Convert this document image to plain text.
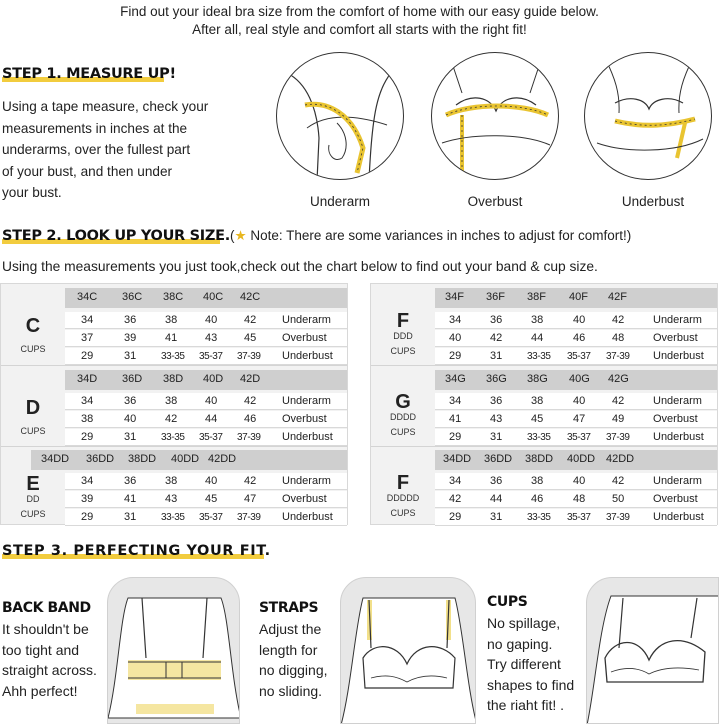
Find out your ideal bra size from the comfort of home with our easy guide below.
After all, real style and comfort all starts with the right fit!
STEP 1. MEASURE UP!
Using a tape measure, check your
measurements in inches at the
underarms, over the fullest part
of your bust, and then under
your bust.
Underarm	Overbust	Underbust
STEP 2. LOOK UP YOUR SIZE. (★ Note: There are some variances in inches to adjust for comfort!)
Using the measurements you just took,check out the chart below to find out your band & cup size.
C
CUPS
34C 36C 38C 40C 42C
34	36	38	40 42 Underarm
37	39	41	43 45 Overbust
29	31 33-35 35-37 37-39 Underbust
D
CUPS
34D 36D 38D 40D 42D
34	36	38	40 42 Underarm
38	40	42	44 46 Overbust
29	31 33-35 35-37 37-39 Underbust
E
DD
CUPS
34DD 36DD 38DD 40DD 42DD
34	36	38	40 42 Underarm
39	41	43	45 47 Overbust
29	31 33-35 35-37 37-39 Underbust
F
DDD
CUPS
34F 36F 38F 40F 42F
34	36	38	40 42	Underarm
40	42	44	46 48	Overbust
29	31 33-35 35-37 37-39 Underbust
G
DDDD
CUPS
34G 36G 38G 40G 42G
34	36	38	40 42	Underarm
41	43	45	47 49	Overbust
29	31 33-35 35-37 37-39 Underbust
F
DDDDD
CUPS
34DD 36DD 38DD 40DD 42DD
34	36	38	40 42	Underarm
42	44	46	48 50	Overbust
29	31 33-35 35-37 37-39 Underbust
STEP 3. PERFECTING YOUR FIT.
BACK BAND
It shouldn't be
too tight and
straight across.
Ahh perfect!
STRAPS
Adjust the
length for
no digging,
no sliding.
CUPS
No spillage,
no gaping.
Try different
shapes to find
the riaht fit! .
